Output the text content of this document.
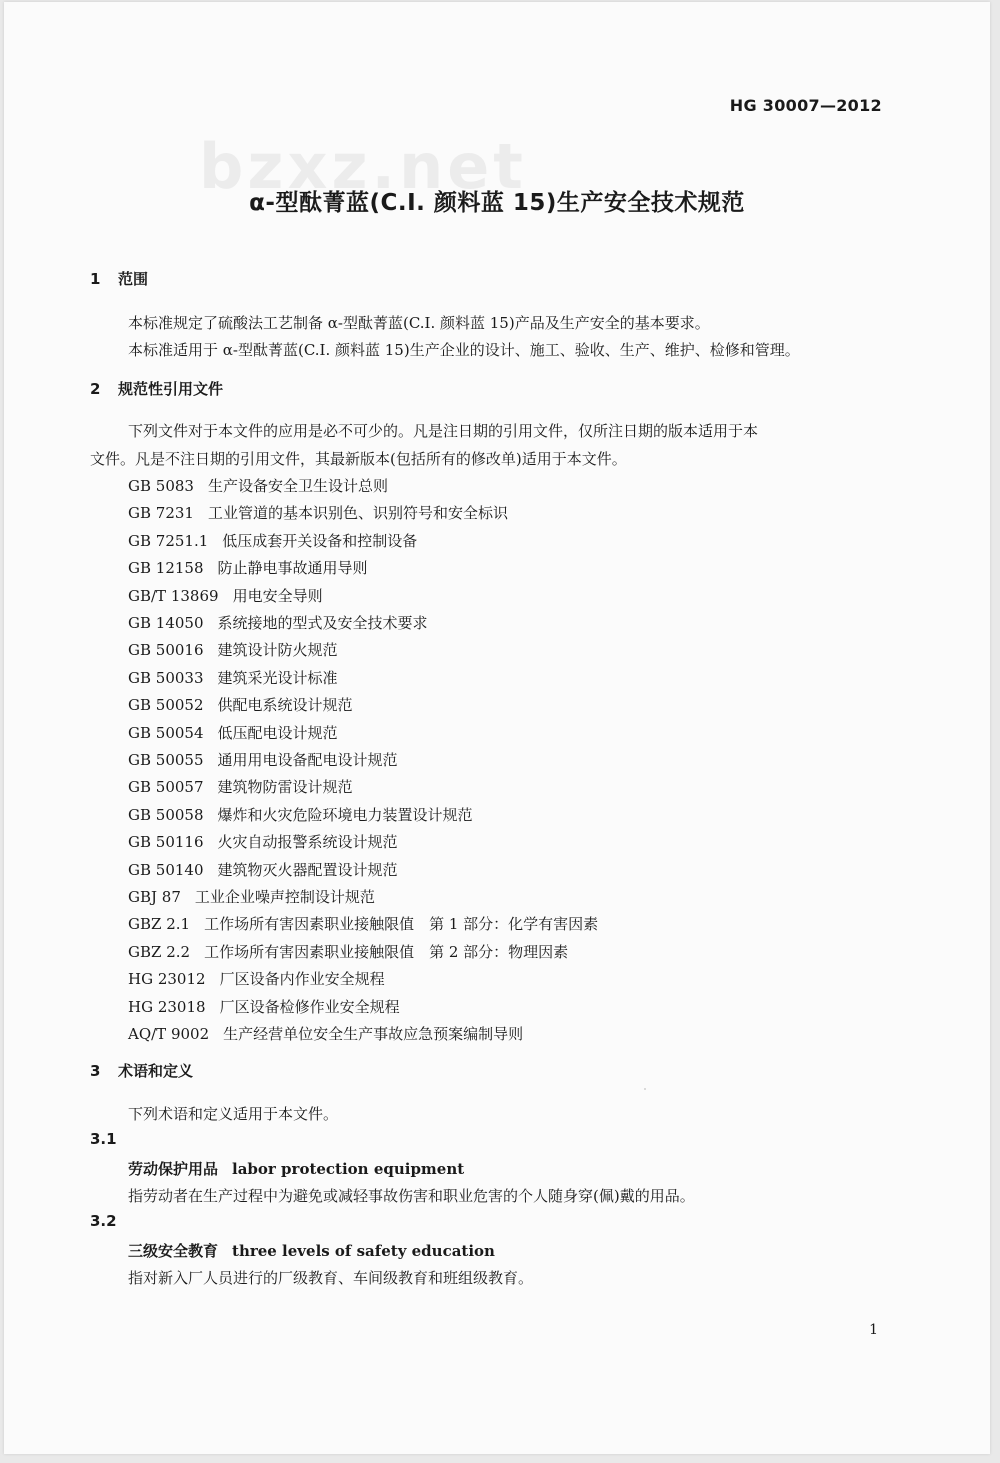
HG 30007—2012
bzxz.net
α-型酞菁蓝(C.I. 颜料蓝 15)生产安全技术规范
1 范围
本标准规定了硫酸法工艺制备 α-型酞菁蓝(C.I. 颜料蓝 15)产品及生产安全的基本要求。
本标准适用于 α-型酞菁蓝(C.I. 颜料蓝 15)生产企业的设计、施工、验收、生产、维护、检修和管理。
2 规范性引用文件
下列文件对于本文件的应用是必不可少的。凡是注日期的引用文件，仅所注日期的版本适用于本
文件。凡是不注日期的引用文件，其最新版本(包括所有的修改单)适用于本文件。
GB 5083 生产设备安全卫生设计总则
GB 7231 工业管道的基本识别色、识别符号和安全标识
GB 7251.1 低压成套开关设备和控制设备
GB 12158 防止静电事故通用导则
GB/T 13869 用电安全导则
GB 14050 系统接地的型式及安全技术要求
GB 50016 建筑设计防火规范
GB 50033 建筑采光设计标准
GB 50052 供配电系统设计规范
GB 50054 低压配电设计规范
GB 50055 通用用电设备配电设计规范
GB 50057 建筑物防雷设计规范
GB 50058 爆炸和火灾危险环境电力装置设计规范
GB 50116 火灾自动报警系统设计规范
GB 50140 建筑物灭火器配置设计规范
GBJ 87 工业企业噪声控制设计规范
GBZ 2.1 工作场所有害因素职业接触限值　第 1 部分：化学有害因素
GBZ 2.2 工作场所有害因素职业接触限值　第 2 部分：物理因素
HG 23012 厂区设备内作业安全规程
HG 23018 厂区设备检修作业安全规程
AQ/T 9002 生产经营单位安全生产事故应急预案编制导则
3 术语和定义
下列术语和定义适用于本文件。
3.1
劳动保护用品 labor protection equipment
指劳动者在生产过程中为避免或减轻事故伤害和职业危害的个人随身穿(佩)戴的用品。
3.2
三级安全教育 three levels of safety education
指对新入厂人员进行的厂级教育、车间级教育和班组级教育。
1
